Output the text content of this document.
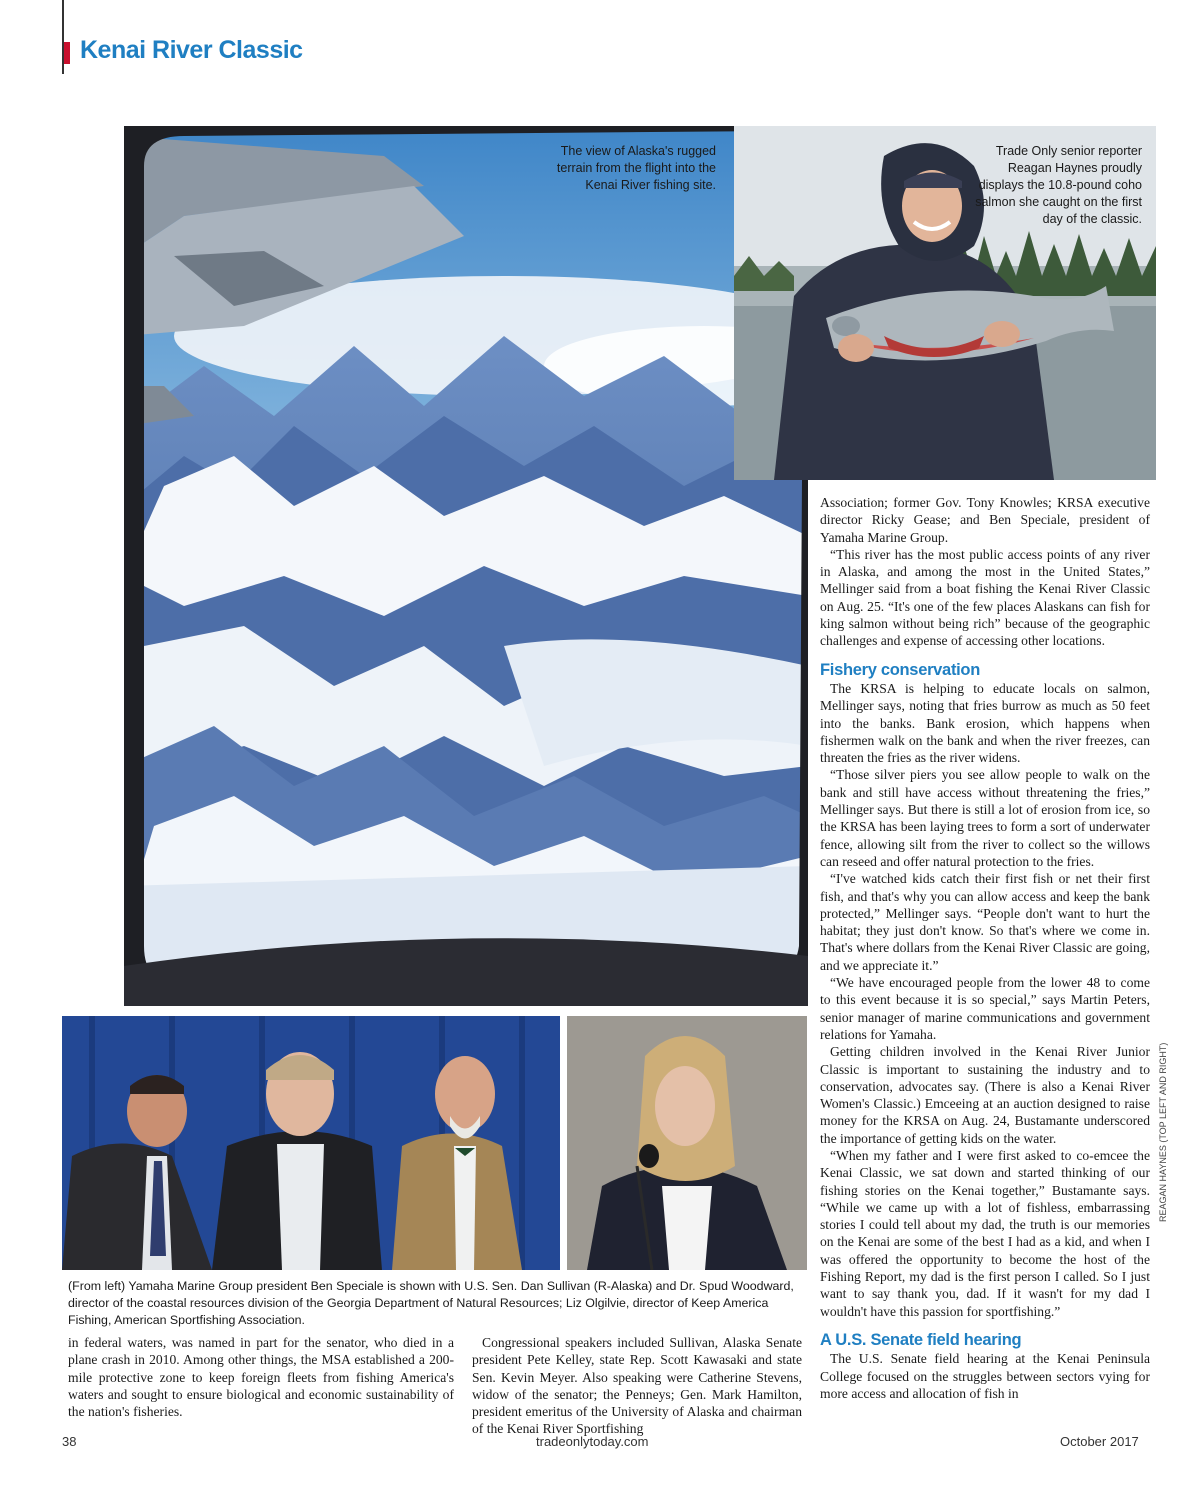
Kenai River Classic
The view of Alaska's rugged terrain from the flight into the Kenai River fishing site.
Trade Only senior reporter Reagan Haynes proudly displays the 10.8-pound coho salmon she caught on the first day of the classic.
(From left) Yamaha Marine Group president Ben Speciale is shown with U.S. Sen. Dan Sullivan (R-Alaska) and Dr. Spud Woodward, director of the coastal resources division of the Georgia Department of Natural Resources; Liz Olgilvie, director of Keep America Fishing, American Sportfishing Association.

in federal waters, was named in part for the senator, who died in a plane crash in 2010. Among other things, the MSA established a 200-mile protective zone to keep foreign fleets from fishing America's waters and sought to ensure biological and economic sustainability of the nation's fisheries.

Congressional speakers included Sullivan, Alaska Senate president Pete Kelley, state Rep. Scott Kawasaki and state Sen. Kevin Meyer. Also speaking were Catherine Stevens, widow of the senator; the Penneys; Gen. Mark Hamilton, president emeritus of the University of Alaska and chairman of the Kenai River Sportfishing

Association; former Gov. Tony Knowles; KRSA executive director Ricky Gease; and Ben Speciale, president of Yamaha Marine Group.

“This river has the most public access points of any river in Alaska, and among the most in the United States,” Mellinger said from a boat fishing the Kenai River Classic on Aug. 25. “It's one of the few places Alaskans can fish for king salmon without being rich” because of the geographic challenges and expense of accessing other locations.

Fishery conservation

The KRSA is helping to educate locals on salmon, Mellinger says, noting that fries burrow as much as 50 feet into the banks. Bank erosion, which happens when fishermen walk on the bank and when the river freezes, can threaten the fries as the river widens.

“Those silver piers you see allow people to walk on the bank and still have access without threatening the fries,” Mellinger says. But there is still a lot of erosion from ice, so the KRSA has been laying trees to form a sort of underwater fence, allowing silt from the river to collect so the willows can reseed and offer natural protection to the fries.

“I've watched kids catch their first fish or net their first fish, and that's why you can allow access and keep the bank protected,” Mellinger says. “People don't want to hurt the habitat; they just don't know. So that's where we come in. That's where dollars from the Kenai River Classic are going, and we appreciate it.”

“We have encouraged people from the lower 48 to come to this event because it is so special,” says Martin Peters, senior manager of marine communications and government relations for Yamaha.

Getting children involved in the Kenai River Junior Classic is important to sustaining the industry and to conservation, advocates say. (There is also a Kenai River Women's Classic.) Emceeing at an auction designed to raise money for the KRSA on Aug. 24, Bustamante underscored the importance of getting kids on the water.

“When my father and I were first asked to co-emcee the Kenai Classic, we sat down and started thinking of our fishing stories on the Kenai together,” Bustamante says. “While we came up with a lot of fishless, embarrassing stories I could tell about my dad, the truth is our memories on the Kenai are some of the best I had as a kid, and when I was offered the opportunity to become the host of the Fishing Report, my dad is the first person I called. So I just want to say thank you, dad. If it wasn't for my dad I wouldn't have this passion for sportfishing.”

A U.S. Senate field hearing

The U.S. Senate field hearing at the Kenai Peninsula College focused on the struggles between sectors vying for more access and allocation of fish in

REAGAN HAYNES (TOP LEFT AND RIGHT)
38	tradeonlytoday.com	October 2017
